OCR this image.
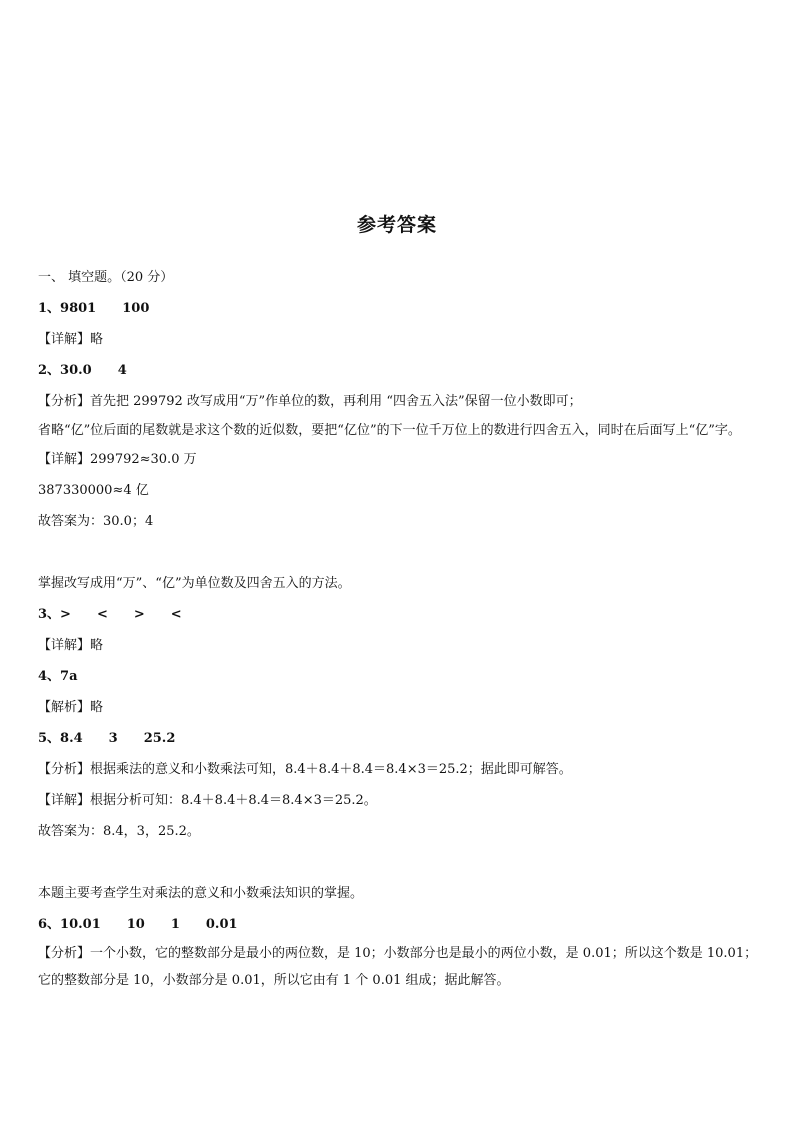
参考答案
一、 填空题。（20 分）
1、9801　　100
【详解】略
2、30.0　　4
【分析】首先把 299792 改写成用“万”作单位的数，再利用 “四舍五入法”保留一位小数即可；
省略“亿”位后面的尾数就是求这个数的近似数，要把“亿位”的下一位千万位上的数进行四舍五入，同时在后面写上“亿”字。
【详解】299792≈30.0 万
387330000≈4 亿
故答案为：30.0；4
掌握改写成用“万”、“亿”为单位数及四舍五入的方法。
3、>　　<　　>　　<
【详解】略
4、7a
【解析】略
5、8.4　　3　　25.2
【分析】根据乘法的意义和小数乘法可知，8.4＋8.4＋8.4＝8.4×3＝25.2；据此即可解答。
【详解】根据分析可知：8.4＋8.4＋8.4＝8.4×3＝25.2。
故答案为：8.4，3，25.2。
本题主要考查学生对乘法的意义和小数乘法知识的掌握。
6、10.01　　10　　1　　0.01
【分析】一个小数，它的整数部分是最小的两位数，是 10；小数部分也是最小的两位小数，是 0.01；所以这个数是 10.01；它的整数部分是 10，小数部分是 0.01，所以它由有 1 个 0.01 组成；据此解答。
